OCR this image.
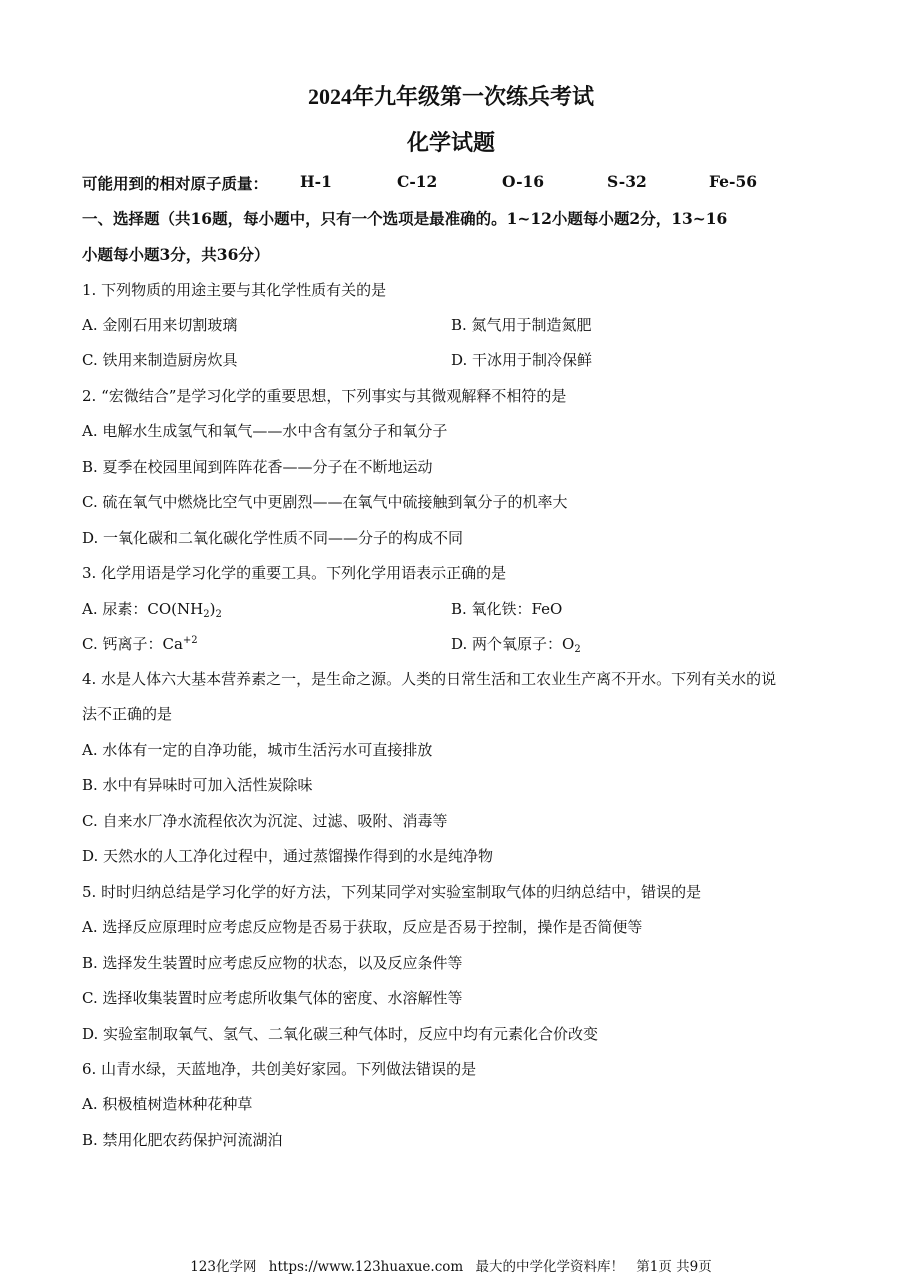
2024年九年级第一次练兵考试
化学试题
可能用到的相对原子质量： H-1	C-12	O-16	S-32	Fe-56
一、选择题（共16题，每小题中，只有一个选项是最准确的。1~12小题每小题2分，13~16
小题每小题3分，共36分）
1. 下列物质的用途主要与其化学性质有关的是
A. 金刚石用来切割玻璃	B. 氮气用于制造氮肥
C. 铁用来制造厨房炊具	D. 干冰用于制冷保鲜
2. “宏微结合”是学习化学的重要思想，下列事实与其微观解释不相符的是
A. 电解水生成氢气和氧气——水中含有氢分子和氧分子
B. 夏季在校园里闻到阵阵花香——分子在不断地运动
C. 硫在氧气中燃烧比空气中更剧烈——在氧气中硫接触到氧分子的机率大
D. 一氧化碳和二氧化碳化学性质不同——分子的构成不同
3. 化学用语是学习化学的重要工具。下列化学用语表示正确的是
A. 尿素：$CO(NH_2)_2$	B. 氧化铁：FeO
C. 钙离子：$Ca^{+2}$	D. 两个氧原子：$O_2$
4. 水是人体六大基本营养素之一，是生命之源。人类的日常生活和工农业生产离不开水。下列有关水的说
法不正确的是
A. 水体有一定的自净功能，城市生活污水可直接排放
B. 水中有异味时可加入活性炭除味
C. 自来水厂净水流程依次为沉淀、过滤、吸附、消毒等
D. 天然水的人工净化过程中，通过蒸馏操作得到的水是纯净物
5. 时时归纳总结是学习化学的好方法，下列某同学对实验室制取气体的归纳总结中，错误的是
A. 选择反应原理时应考虑反应物是否易于获取，反应是否易于控制，操作是否简便等
B. 选择发生装置时应考虑反应物的状态，以及反应条件等
C. 选择收集装置时应考虑所收集气体的密度、水溶解性等
D. 实验室制取氧气、氢气、二氧化碳三种气体时，反应中均有元素化合价改变
6. 山青水绿，天蓝地净，共创美好家园。下列做法错误的是
A. 积极植树造林种花种草
B. 禁用化肥农药保护河流湖泊
123化学网 https://www.123huaxue.com 最大的中学化学资料库！ 第1页 共9页
